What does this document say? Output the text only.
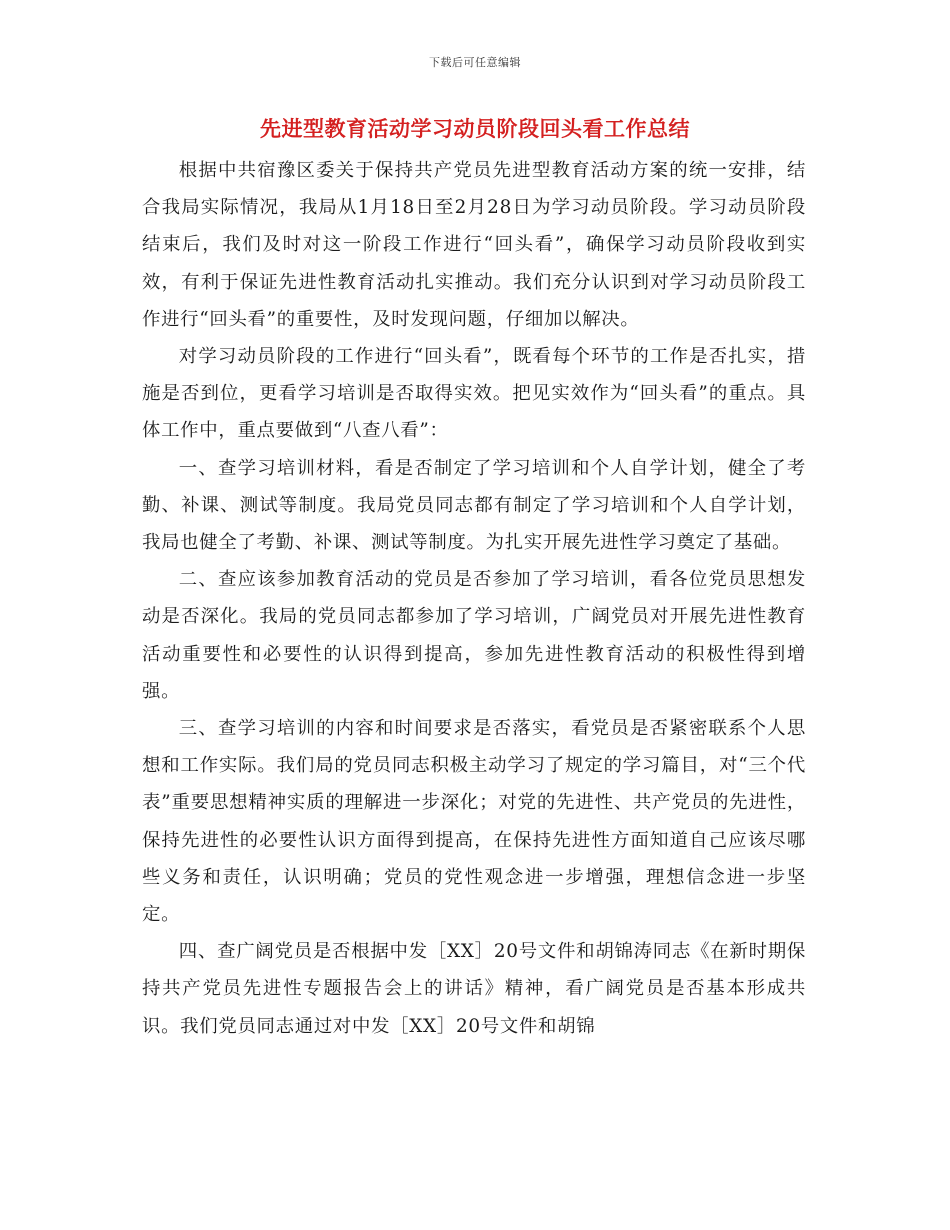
下载后可任意编辑
先进型教育活动学习动员阶段回头看工作总结

根据中共宿豫区委关于保持共产党员先进型教育活动方案的统一安排，结合我局实际情况，我局从1月18日至2月28日为学习动员阶段。学习动员阶段结束后，我们及时对这一阶段工作进行“回头看”，确保学习动员阶段收到实效，有利于保证先进性教育活动扎实推动。我们充分认识到对学习动员阶段工作进行“回头看”的重要性，及时发现问题，仔细加以解决。

对学习动员阶段的工作进行“回头看”，既看每个环节的工作是否扎实，措施是否到位，更看学习培训是否取得实效。把见实效作为“回头看”的重点。具体工作中，重点要做到“八查八看”：

一、查学习培训材料，看是否制定了学习培训和个人自学计划，健全了考勤、补课、测试等制度。我局党员同志都有制定了学习培训和个人自学计划，我局也健全了考勤、补课、测试等制度。为扎实开展先进性学习奠定了基础。

二、查应该参加教育活动的党员是否参加了学习培训，看各位党员思想发动是否深化。我局的党员同志都参加了学习培训，广阔党员对开展先进性教育活动重要性和必要性的认识得到提高，参加先进性教育活动的积极性得到增强。

三、查学习培训的内容和时间要求是否落实，看党员是否紧密联系个人思想和工作实际。我们局的党员同志积极主动学习了规定的学习篇目，对“三个代表”重要思想精神实质的理解进一步深化；对党的先进性、共产党员的先进性，保持先进性的必要性认识方面得到提高，在保持先进性方面知道自己应该尽哪些义务和责任，认识明确；党员的党性观念进一步增强，理想信念进一步坚定。

四、查广阔党员是否根据中发［XX］20号文件和胡锦涛同志《在新时期保持共产党员先进性专题报告会上的讲话》精神，看广阔党员是否基本形成共识。我们党员同志通过对中发［XX］20号文件和胡锦
